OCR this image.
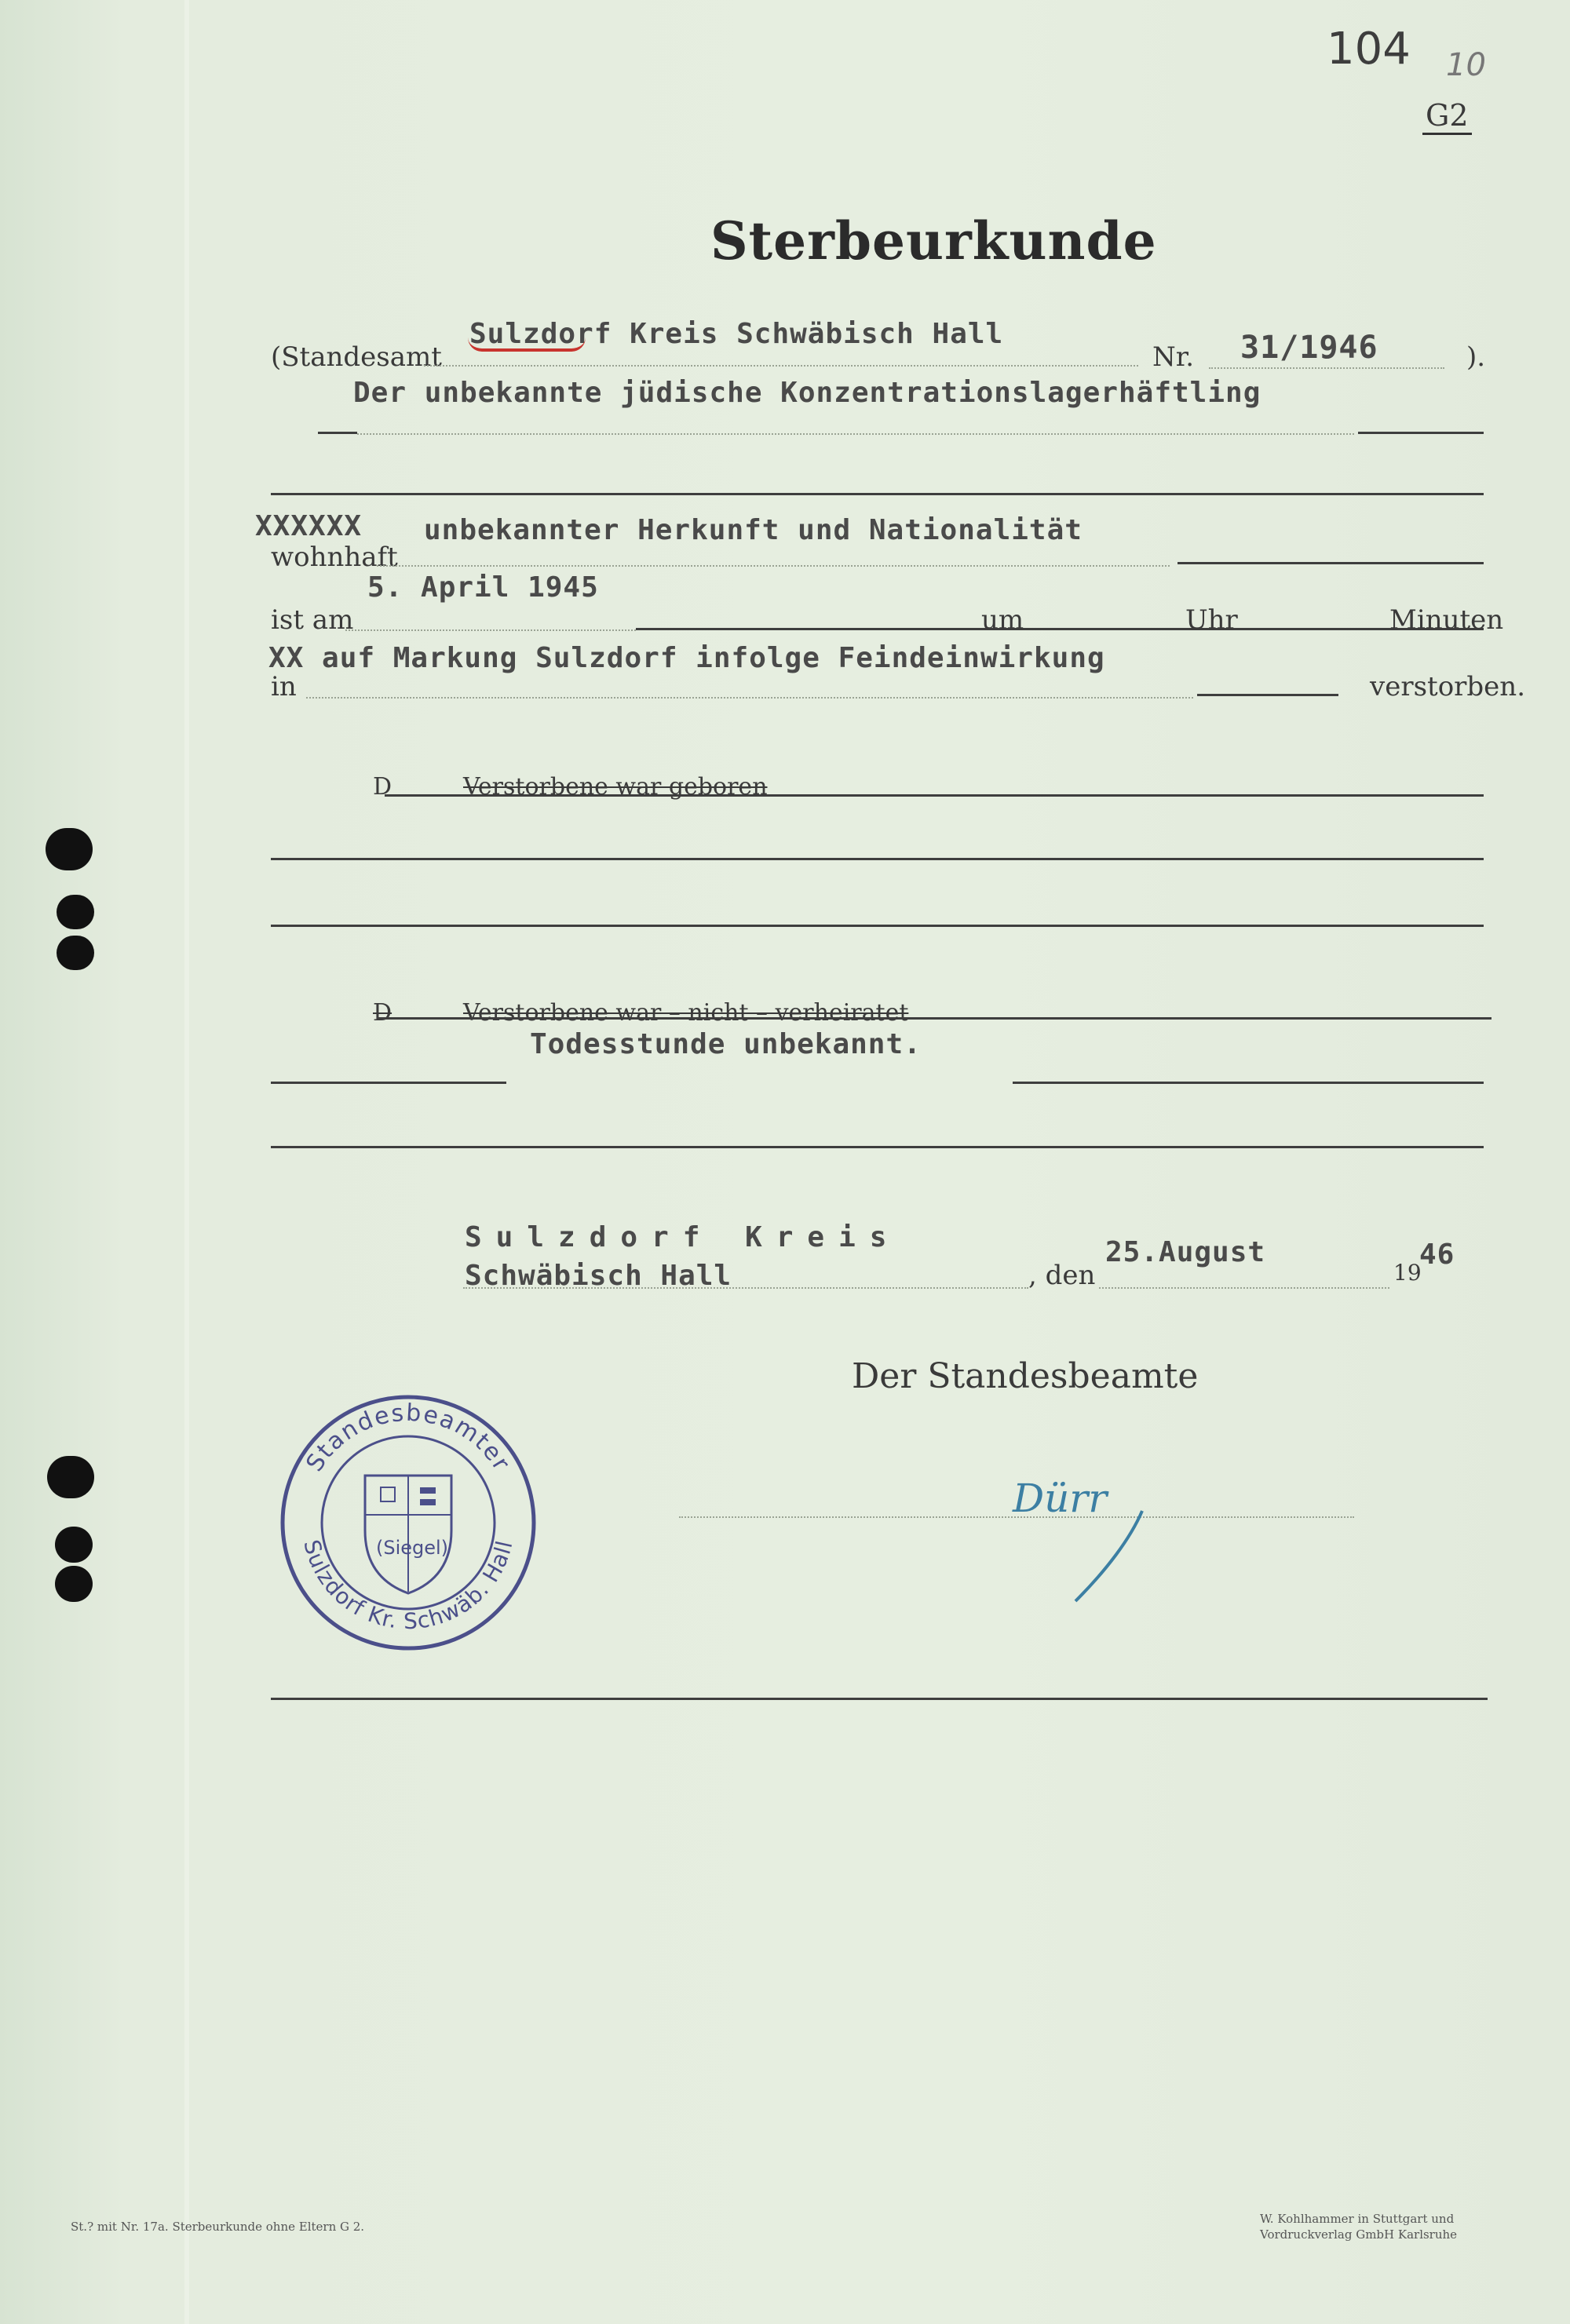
104 10
G2
Sterbeurkunde
(Standesamt
Sulzdorf Kreis Schwäbisch Hall
Nr. 31/1946	).
Der unbekannte jüdische Konzentrationslagerhäftling
XXXXXX unbekannter Herkunft und Nationalität
wohnhaft
5. April 1945
ist am	um	Uhr	Minuten
XX auf Markung Sulzdorf infolge Feindeinwirkung
in	verstorben.
D	Verstorbene war geboren
D	Verstorbene war – nicht – verheiratet
Todesstunde unbekannt.
Sulzdorf Kreis
Schwäbisch Hall	, den
25.August
19
46
Der Standesbeamte
Dürr
Standesbeamter
Sulzdorf Kr. Schwäb. Hall
(Siegel)
St.? mit Nr. 17a. Sterbeurkunde ohne Eltern G 2.
W. Kohlhammer in Stuttgart und
Vordruckverlag GmbH Karlsruhe
